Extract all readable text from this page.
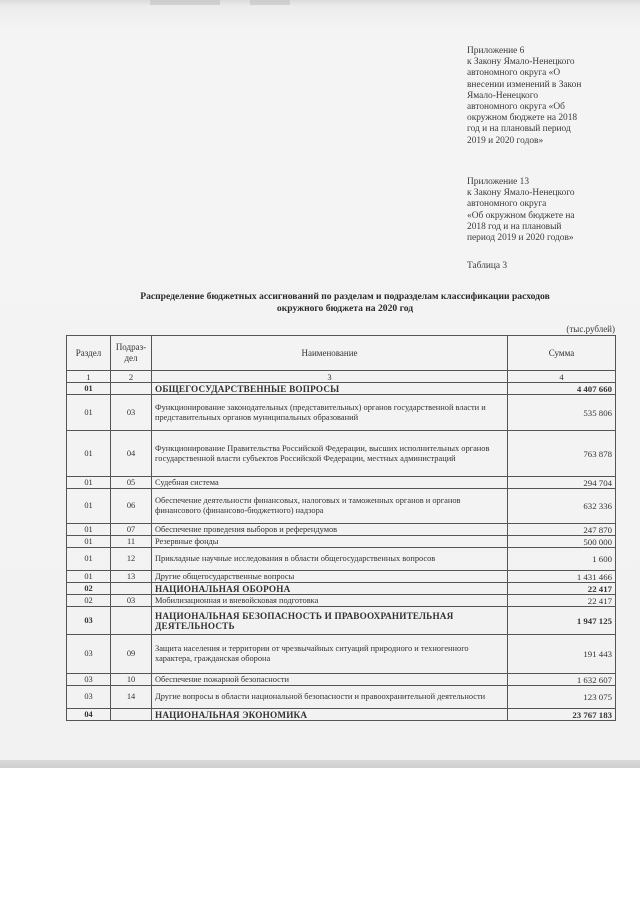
Приложение 6

к Закону Ямало-Ненецкого

автономного округа «О

внесении изменений в Закон

Ямало-Ненецкого

автономного округа «Об

окружном бюджете на 2018

год и на плановый период

2019 и 2020 годов»

Приложение 13

к Закону Ямало-Ненецкого

автономного округа

«Об окружном бюджете на

2018 год и на плановый

период 2019 и 2020 годов»

Таблица 3
Распределение бюджетных ассигнований по разделам и подразделам классификации расходов
окружного бюджета на 2020 год
(тыс.рублей)
Раздел	Подраз-дел	Наименование	Сумма
1	2	3	4
01		ОБЩЕГОСУДАРСТВЕННЫЕ ВОПРОСЫ	4 407 660
01	03	Функционирование законодательных (представительных) органов государственной власти и представительных органов муниципальных образований	535 806
01	04	Функционирование Правительства Российской Федерации, высших исполнительных органов государственной власти субъектов Российской Федерации, местных администраций	763 878
01	05	Судебная система	294 704
01	06	Обеспечение деятельности финансовых, налоговых и таможенных органов и органов финансового (финансово-бюджетного) надзора	632 336
01	07	Обеспечение проведения выборов и референдумов	247 870
01	11	Резервные фонды	500 000
01	12	Прикладные научные исследования в области общегосударственных вопросов	1 600
01	13	Другие общегосударственные вопросы	1 431 466
02		НАЦИОНАЛЬНАЯ ОБОРОНА	22 417
02	03	Мобилизационная и вневойсковая подготовка	22 417
03		НАЦИОНАЛЬНАЯ БЕЗОПАСНОСТЬ И ПРАВООХРАНИТЕЛЬНАЯ ДЕЯТЕЛЬНОСТЬ	1 947 125
03	09	Защита населения и территории от чрезвычайных ситуаций природного и техногенного характера, гражданская оборона	191 443
03	10	Обеспечение пожарной безопасности	1 632 607
03	14	Другие вопросы в области национальной безопасности и правоохранительной деятельности	123 075
04		НАЦИОНАЛЬНАЯ ЭКОНОМИКА	23 767 183
